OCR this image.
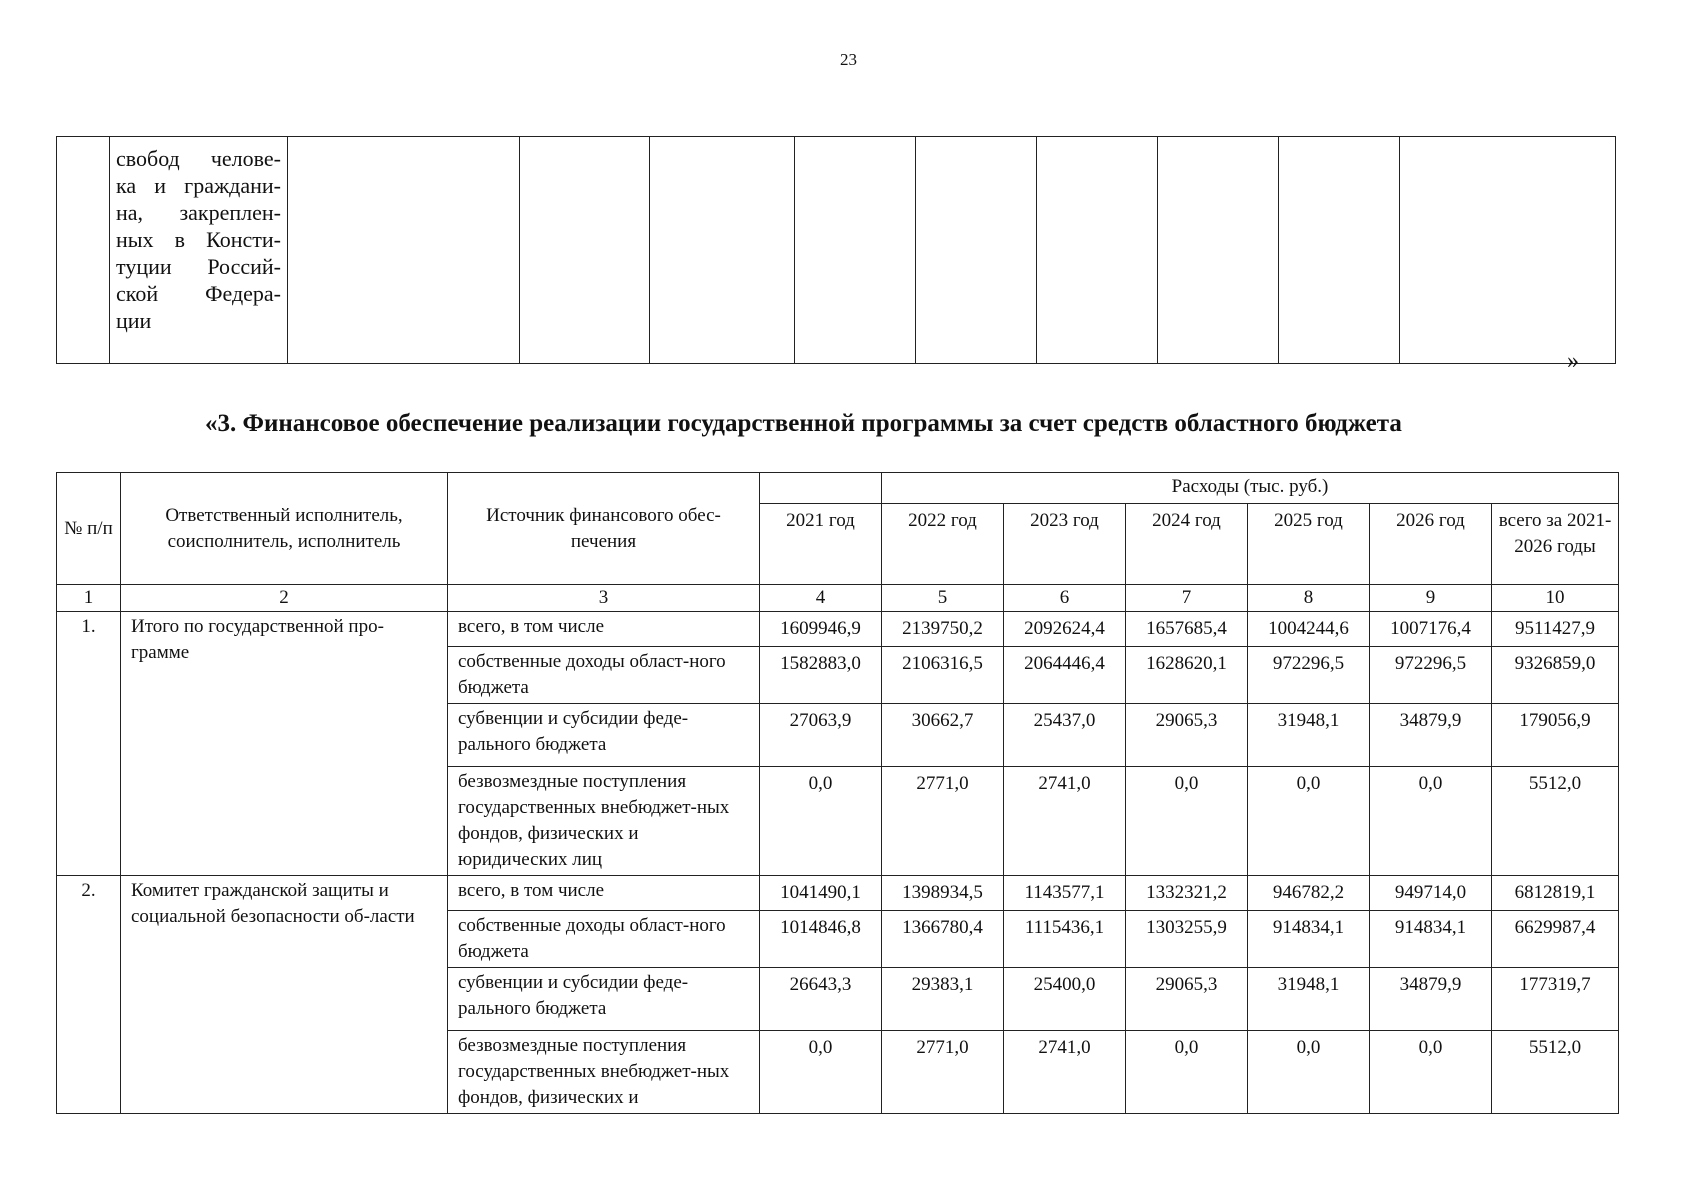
23

свобод челове-
ка и граждани-
на, закреплен-
ных в Консти-
туции Россий-
ской Федера-
ции

»
«3. Финансовое обеспечение реализации государственной программы за счет средств областного бюджета
№ п/п	Ответственный исполнитель, соисполнитель, исполнитель	Источник финансового обес-печения		Расходы (тыс. руб.)					
			2021 год	2022 год	2023 год	2024 год	2025 год	2026 год	всего за 2021-2026 годы
1	2	3	4	5	6	7	8	9	10
1.	Итого по государственной про-грамме	всего, в том числе	1609946,9	2139750,2	2092624,4	1657685,4	1004244,6	1007176,4	9511427,9
		собственные доходы област-ного бюджета	1582883,0	2106316,5	2064446,4	1628620,1	972296,5	972296,5	9326859,0
		субвенции и субсидии феде-рального бюджета	27063,9	30662,7	25437,0	29065,3	31948,1	34879,9	179056,9
		безвозмездные поступления государственных внебюджет-ных фондов, физических и юридических лиц	0,0	2771,0	2741,0	0,0	0,0	0,0	5512,0
2.	Комитет гражданской защиты и социальной безопасности об-ласти	всего, в том числе	1041490,1	1398934,5	1143577,1	1332321,2	946782,2	949714,0	6812819,1
		собственные доходы област-ного бюджета	1014846,8	1366780,4	1115436,1	1303255,9	914834,1	914834,1	6629987,4
		субвенции и субсидии феде-рального бюджета	26643,3	29383,1	25400,0	29065,3	31948,1	34879,9	177319,7
		безвозмездные поступления государственных внебюджет-ных фондов, физических и	0,0	2771,0	2741,0	0,0	0,0	0,0	5512,0
